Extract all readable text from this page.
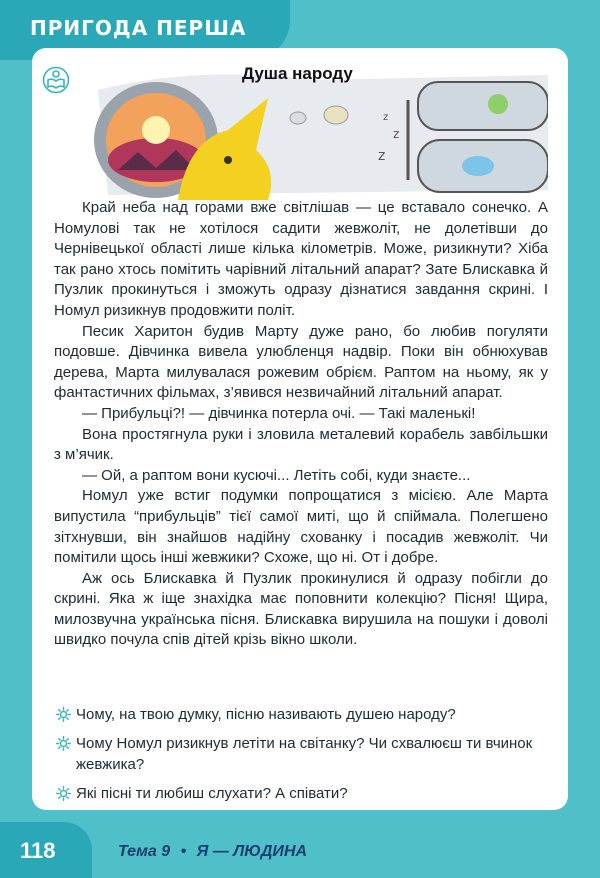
ПРИГОДА ПЕРША
z
z
z
Душа народу

Край неба над горами вже світлішав — це вставало сонечко. А Номулові так не хотілося садити жевжоліт, не долетівши до Чернівецької області лише кілька кілометрів. Може, ризикнути? Хіба так рано хтось помітить чарівний літальний апарат? Зате Блискавка й Пузлик прокинуться і зможуть одразу дізнатися завдання скрині. І Номул ризикнув продовжити політ.

Песик Харитон будив Марту дуже рано, бо любив погуляти подовше. Дівчинка вивела улюбленця надвір. Поки він обнюхував дерева, Марта милувалася рожевим обрієм. Раптом на ньому, як у фантастичних фільмах, з’явився незвичайний літальний апарат.

— Прибульці?! — дівчинка потерла очі. — Такі маленькі!

Вона простягнула руки і зловила металевий корабель завбільшки з м’ячик.

— Ой, а раптом вони кусючі... Летіть собі, куди знаєте...

Номул уже встиг подумки попрощатися з місією. Але Марта випустила “прибульців” тієї самої миті, що й спіймала. Полегшено зітхнувши, він знайшов надійну схованку і посадив жевжоліт. Чи помітили щось інші жевжики? Схоже, що ні. От і добре.

Аж ось Блискавка й Пузлик прокинулися й одразу побігли до скрині. Яка ж іще знахідка має поповнити колекцію? Пісня! Щира, милозвучна українська пісня. Блискавка вирушила на пошуки і доволі швидко почула спів дітей крізь вікно школи.

Чому, на твою думку, пісню називають душею народу?
Чому Номул ризикнув летіти на світанку? Чи схвалюєш ти вчинок жевжика?
Які пісні ти любиш слухати? А співати?
118	Тема 9 • Я — ЛЮДИНА
